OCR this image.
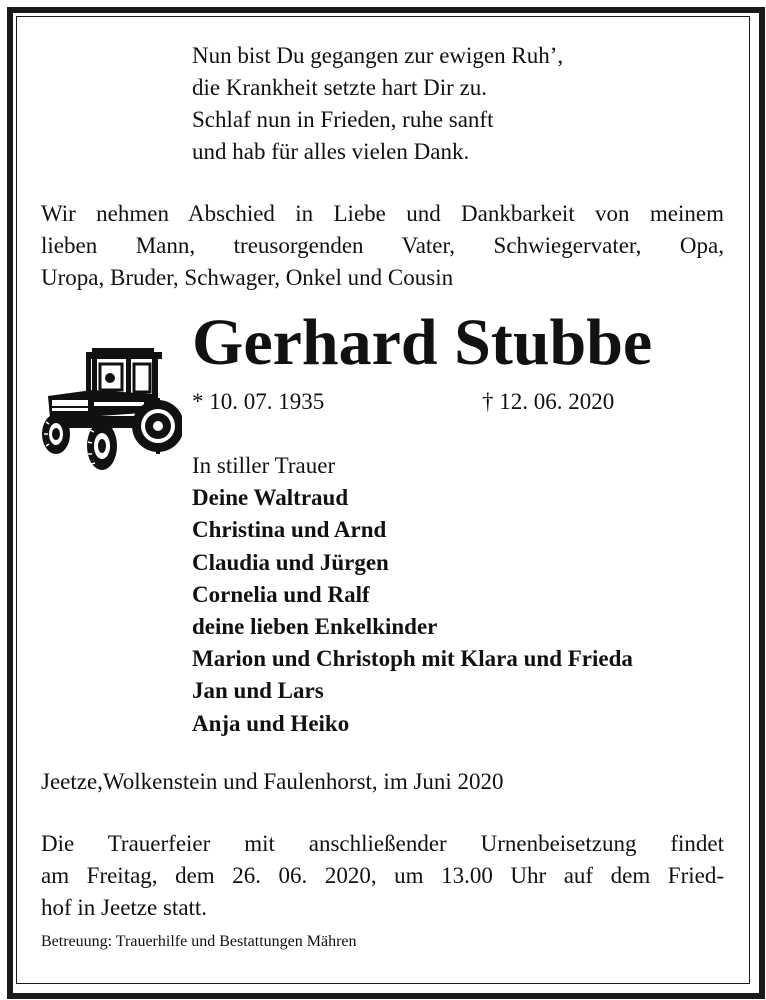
Nun bist Du gegangen zur ewigen Ruh’,
die Krankheit setzte hart Dir zu.
Schlaf nun in Frieden, ruhe sanft
und hab für alles vielen Dank.
Wir nehmen Abschied in Liebe und Dankbarkeit von meinem
lieben Mann, treusorgenden Vater, Schwiegervater, Opa,
Uropa, Bruder, Schwager, Onkel und Cousin
Gerhard Stubbe
* 10. 07. 1935	† 12. 06. 2020
In stiller Trauer
Deine Waltraud
Christina und Arnd
Claudia und Jürgen
Cornelia und Ralf
deine lieben Enkelkinder
Marion und Christoph mit Klara und Frieda
Jan und Lars
Anja und Heiko
Jeetze,Wolkenstein und Faulenhorst, im Juni 2020
Die Trauerfeier mit anschließender Urnenbeisetzung findet
am Freitag, dem 26. 06. 2020, um 13.00 Uhr auf dem Fried-
hof in Jeetze statt.
Betreuung: Trauerhilfe und Bestattungen Mähren
